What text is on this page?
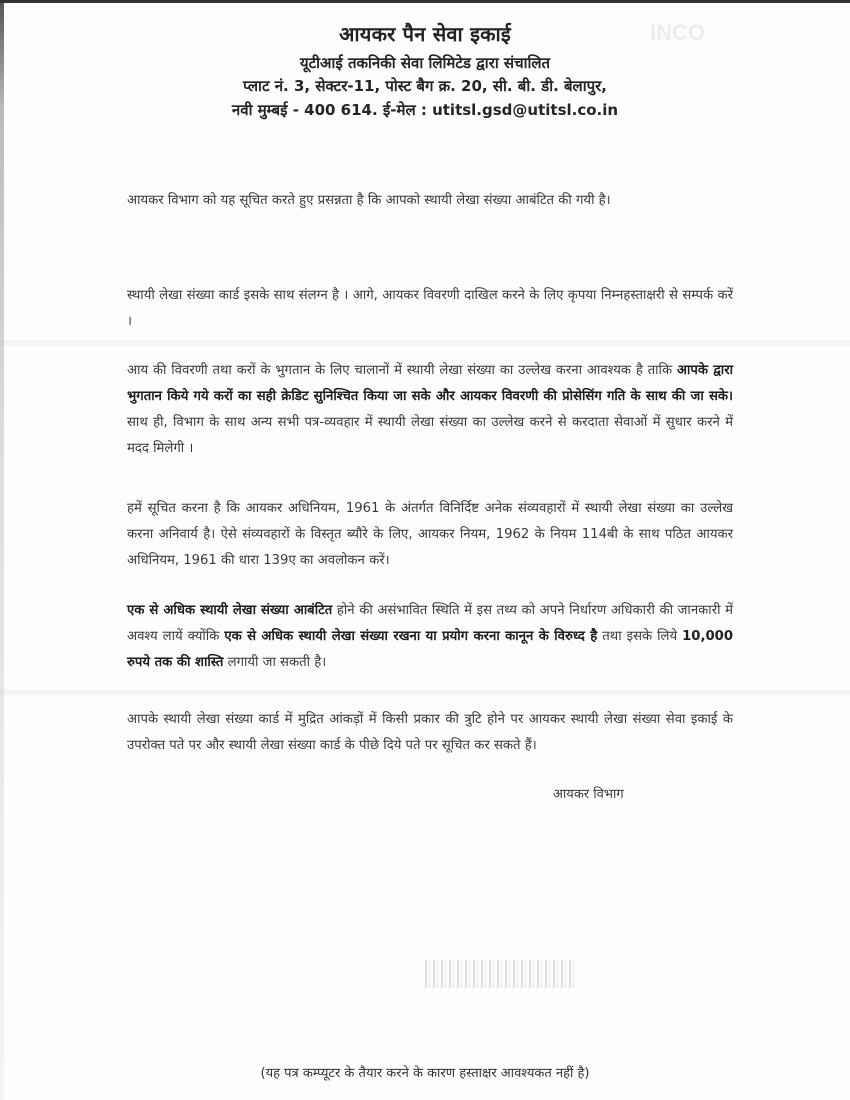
INCO
आयकर पैन सेवा इकाई
यूटीआई तकनिकी सेवा लिमिटेड द्वारा संचालित
प्लाट नं. 3, सेक्टर-11, पोस्ट बैग क्र. 20, सी. बी. डी. बेलापुर,
नवी मुम्बई - 400 614. ई-मेल : utitsl.gsd@utitsl.co.in
आयकर विभाग को यह सूचित करते हुए प्रसन्नता है कि आपको स्थायी लेखा संख्या आबंटित की गयी है।
स्थायी लेखा संख्या कार्ड इसके साथ संलग्न है । आगे, आयकर विवरणी दाखिल करने के लिए कृपया निम्नहस्ताक्षरी से सम्पर्क करें ।
आय की विवरणी तथा करों के भुगतान के लिए चालानों में स्थायी लेखा संख्या का उल्लेख करना आवश्यक है ताकि आपके द्वारा भुगतान किये गये करों का सही क्रेडिट सुनिश्चित किया जा सके और आयकर विवरणी की प्रोसेसिंग गति के साथ की जा सके। साथ ही, विभाग के साथ अन्य सभी पत्र-व्यवहार में स्थायी लेखा संख्या का उल्लेख करने से करदाता सेवाओं में सुधार करने में मदद मिलेगी ।
हमें सूचित करना है कि आयकर अधिनियम, 1961 के अंतर्गत विनिर्दिष्ट अनेक संव्यवहारों में स्थायी लेखा संख्या का उल्लेख करना अनिवार्य है। ऐसे संव्यवहारों के विस्तृत ब्यौरे के लिए, आयकर नियम, 1962 के नियम 114बी के साथ पठित आयकर अधिनियम, 1961 की धारा 139ए का अवलोकन करें।
एक से अधिक स्थायी लेखा संख्या आबंटित होने की असंभावित स्थिति में इस तथ्य को अपने निर्धारण अधिकारी की जानकारी में अवश्य लायें क्योंकि एक से अधिक स्थायी लेखा संख्या रखना या प्रयोग करना कानून के विरुध्द है तथा इसके लिये 10,000 रुपये तक की शास्ति लगायी जा सकती है।
आपके स्थायी लेखा संख्या कार्ड में मुद्रित आंकड़ों में किसी प्रकार की त्रुटि होने पर आयकर स्थायी लेखा संख्या सेवा इकाई के उपरोक्त पते पर और स्थायी लेखा संख्या कार्ड के पीछे दिये पते पर सूचित कर सकते हैं।
आयकर विभाग
(यह पत्र कम्प्यूटर के तैयार करने के कारण हस्ताक्षर आवश्यकत नहीं है)
